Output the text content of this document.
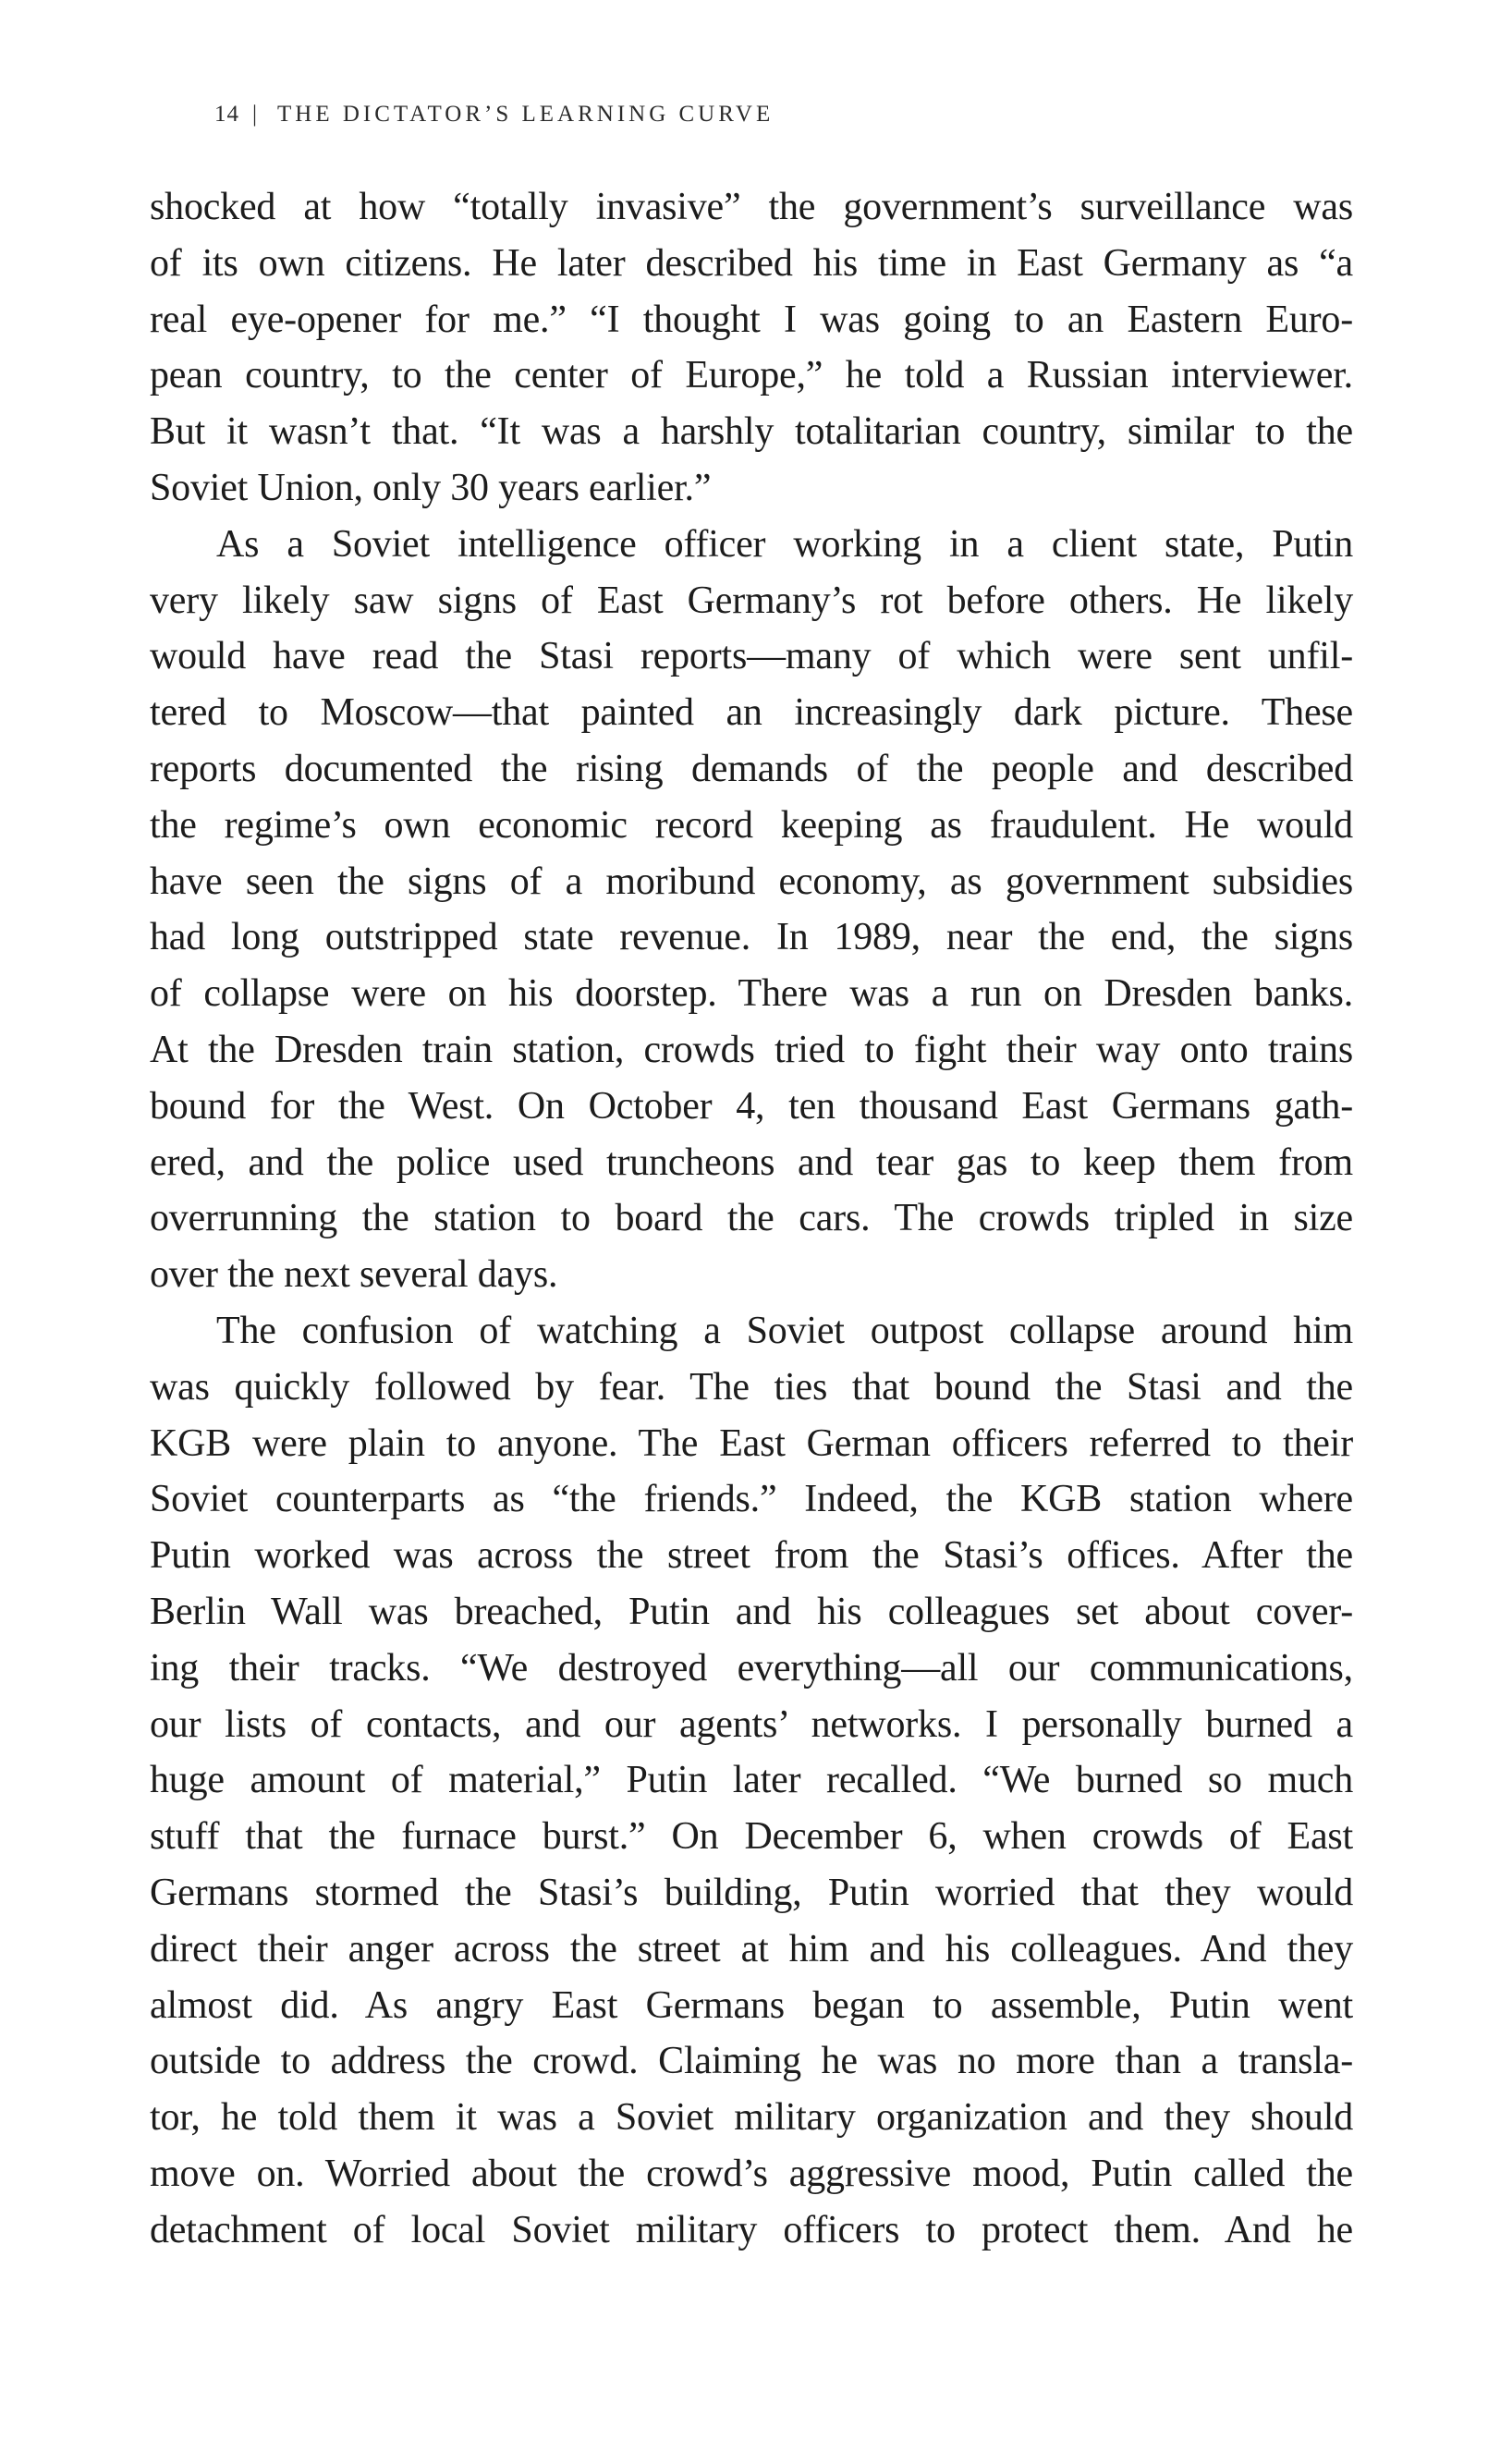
14 | THE DICTATOR’S LEARNING CURVE
shocked at how “totally invasive” the government’s surveillance was
of its own citizens. He later described his time in East Germany as “a
real eye-opener for me.” “I thought I was going to an Eastern Euro-
pean country, to the center of Europe,” he told a Russian interviewer.
But it wasn’t that. “It was a harshly totalitarian country, similar to the
Soviet Union, only 30 years earlier.”
As a Soviet intelligence officer working in a client state, Putin
very likely saw signs of East Germany’s rot before others. He likely
would have read the Stasi reports—many of which were sent unfil-
tered to Moscow—that painted an increasingly dark picture. These
reports documented the rising demands of the people and described
the regime’s own economic record keeping as fraudulent. He would
have seen the signs of a moribund economy, as government subsidies
had long outstripped state revenue. In 1989, near the end, the signs
of collapse were on his doorstep. There was a run on Dresden banks.
At the Dresden train station, crowds tried to fight their way onto trains
bound for the West. On October 4, ten thousand East Germans gath-
ered, and the police used truncheons and tear gas to keep them from
overrunning the station to board the cars. The crowds tripled in size
over the next several days.
The confusion of watching a Soviet outpost collapse around him
was quickly followed by fear. The ties that bound the Stasi and the
KGB were plain to anyone. The East German officers referred to their
Soviet counterparts as “the friends.” Indeed, the KGB station where
Putin worked was across the street from the Stasi’s offices. After the
Berlin Wall was breached, Putin and his colleagues set about cover-
ing their tracks. “We destroyed everything—all our communications,
our lists of contacts, and our agents’ networks. I personally burned a
huge amount of material,” Putin later recalled. “We burned so much
stuff that the furnace burst.” On December 6, when crowds of East
Germans stormed the Stasi’s building, Putin worried that they would
direct their anger across the street at him and his colleagues. And they
almost did. As angry East Germans began to assemble, Putin went
outside to address the crowd. Claiming he was no more than a transla-
tor, he told them it was a Soviet military organization and they should
move on. Worried about the crowd’s aggressive mood, Putin called the
detachment of local Soviet military officers to protect them. And he
